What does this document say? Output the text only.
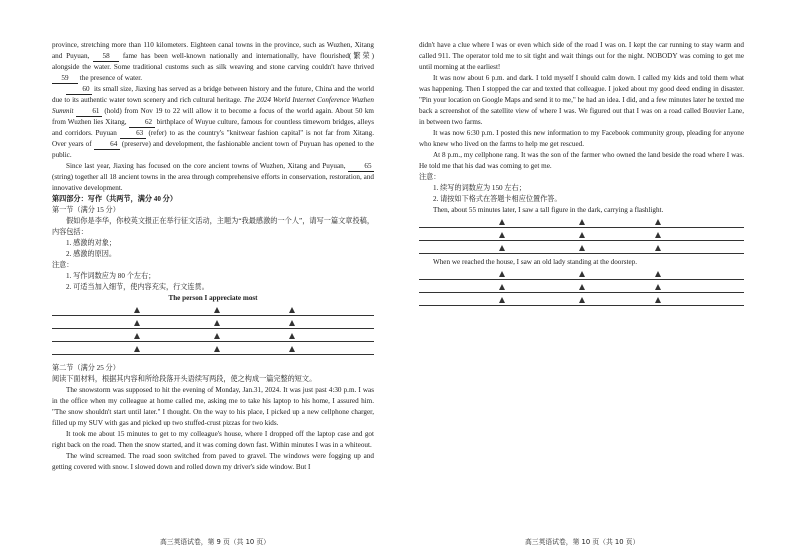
province, stretching more than 110 kilometers. Eighteen canal towns in the province, such as Wuzhen, Xitang and Puyuan, 58 fame has been well-known nationally and internationally, have flourished(繁荣) alongside the water. Some traditional customs such as silk weaving and stone carving couldn't have thrived 59 the presence of water.

60 its small size, Jiaxing has served as a bridge between history and the future, China and the world due to its authentic water town scenery and rich cultural heritage. The 2024 World Internet Conference Wuzhen Summit	61 (hold) from Nov 19 to 22 will allow it to become a focus of the world again. About 50 km from Wuzhen lies Xitang, 62 birthplace of Wuyue culture, famous for countless timeworn bridges, alleys and corridors. Puyuan 63 (refer) to as the country's "knitwear fashion capital" is not far from Xitang. Over years of 64 (preserve) and development, the fashionable ancient town of Puyuan has opened to the public.

Since last year, Jiaxing has focused on the core ancient towns of Wuzhen, Xitang and Puyuan, 65 (string) together all 18 ancient towns in the area through comprehensive efforts in conservation, restoration, and innovative development.

第四部分：写作（共两节，满分 40 分）

第一节（满分 15 分）

假如你是李华，你校英文报正在举行征文活动，主题为“我最感激的一个人”，请写一篇文章投稿，内容包括：

1. 感激的对象；

2. 感激的原因。

注意：

1. 写作词数应为 80 个左右；

2. 可适当加入细节，使内容充实，行文连贯。

The person I appreciate most

第二节（满分 25 分）

阅读下面材料，根据其内容和所给段落开头语续写两段，使之构成一篇完整的短文。

The snowstorm was supposed to hit the evening of Monday, Jan.31, 2024. It was just past 4:30 p.m. I was in the office when my colleague at home called me, asking me to take his laptop to his home, I assured him. "The snow shouldn't start until later." I thought. On the way to his place, I picked up a new cellphone charger, filled up my SUV with gas and picked up two stuffed-crust pizzas for two kids.

It took me about 15 minutes to get to my colleague's house, where I dropped off the laptop case and got right back on the road. Then the snow started, and it was coming down fast. Within minutes I was in a whiteout.

The wind screamed. The road soon switched from paved to gravel. The windows were fogging up and getting covered with snow. I slowed down and rolled down my driver's side window. But I

高三英语试卷，第 9 页（共 10 页）

didn't have a clue where I was or even which side of the road I was on. I kept the car running to stay warm and called 911. The operator told me to sit tight and wait things out for the night. NOBODY was coming to get me until morning at the earliest!

It was now about 6 p.m. and dark. I told myself I should calm down. I called my kids and told them what was happening. Then I stopped the car and texted that colleague. I joked about my good deed ending in disaster. "Pin your location on Google Maps and send it to me," he had an idea. I did, and a few minutes later he texted me back a screenshot of the satellite view of where I was. We figured out that I was on a road called Bouvier Lane, in between two farms.

It was now 6:30 p.m. I posted this new information to my Facebook community group, pleading for anyone who knew who lived on the farms to help me get rescued.

At 8 p.m., my cellphone rang. It was the son of the farmer who owned the land beside the road where I was. He told me that his dad was coming to get me.

注意：

1. 续写的词数应为 150 左右；

2. 请按如下格式在答题卡相应位置作答。

Then, about 55 minutes later, I saw a tall figure in the dark, carrying a flashlight.

When we reached the house, I saw an old lady standing at the doorstep.

高三英语试卷，第 10 页（共 10 页）
